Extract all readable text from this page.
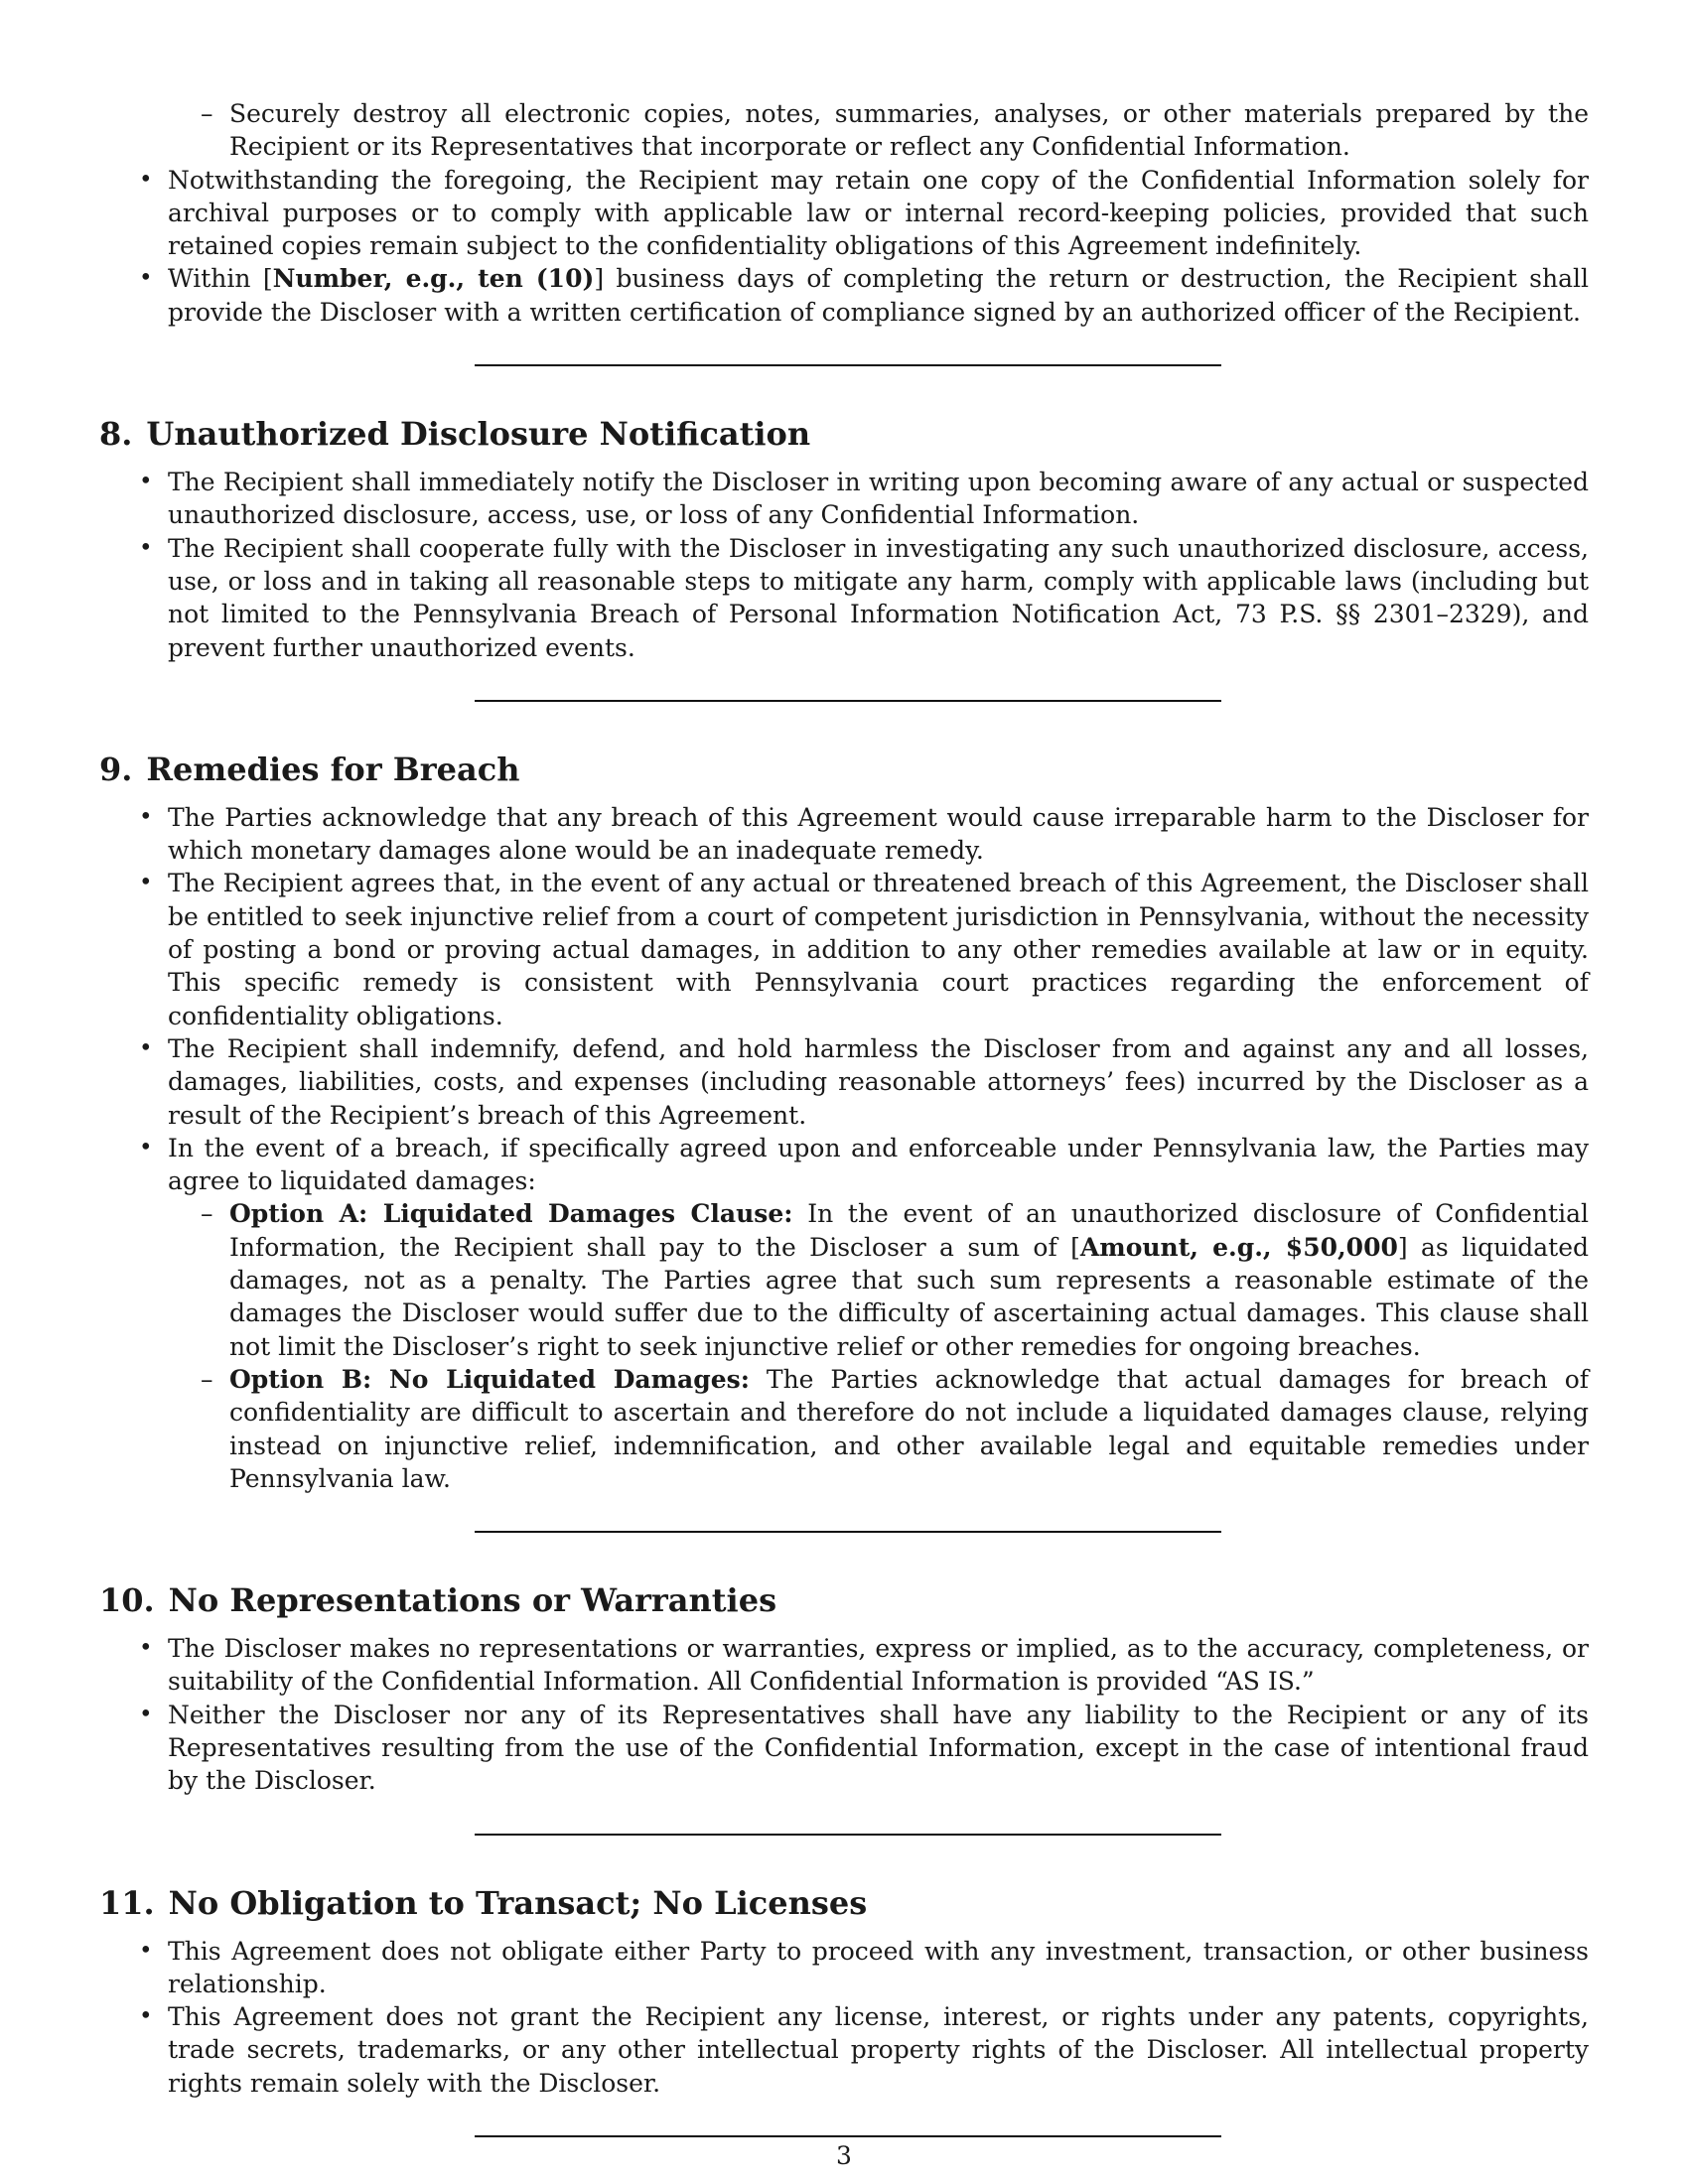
– Securely destroy all electronic copies, notes, summaries, analyses, or other materials prepared by the Recipient or its Representatives that incorporate or reflect any Confidential Information.
• Notwithstanding the foregoing, the Recipient may retain one copy of the Confidential Information solely for archival purposes or to comply with applicable law or internal record-keeping policies, provided that such retained copies remain subject to the confidentiality obligations of this Agreement indefinitely.
• Within [Number, e.g., ten (10)] business days of completing the return or destruction, the Recipient shall provide the Discloser with a written certification of compliance signed by an authorized officer of the Recipient.
8. Unauthorized Disclosure Notification
• The Recipient shall immediately notify the Discloser in writing upon becoming aware of any actual or suspected unauthorized disclosure, access, use, or loss of any Confidential Information.
• The Recipient shall cooperate fully with the Discloser in investigating any such unauthorized disclosure, access, use, or loss and in taking all reasonable steps to mitigate any harm, comply with applicable laws (including but not limited to the Pennsylvania Breach of Personal Information Notification Act, 73 P.S. §§ 2301–2329), and prevent further unauthorized events.
9. Remedies for Breach
• The Parties acknowledge that any breach of this Agreement would cause irreparable harm to the Discloser for which monetary damages alone would be an inadequate remedy.
• The Recipient agrees that, in the event of any actual or threatened breach of this Agreement, the Discloser shall be entitled to seek injunctive relief from a court of competent jurisdiction in Pennsylvania, without the necessity of posting a bond or proving actual damages, in addition to any other remedies available at law or in equity. This specific remedy is consistent with Pennsylvania court practices regarding the enforcement of confidentiality obligations.
• The Recipient shall indemnify, defend, and hold harmless the Discloser from and against any and all losses, damages, liabilities, costs, and expenses (including reasonable attorneys’ fees) incurred by the Discloser as a result of the Recipient’s breach of this Agreement.
• In the event of a breach, if specifically agreed upon and enforceable under Pennsylvania law, the Parties may agree to liquidated damages:
– Option A: Liquidated Damages Clause: In the event of an unauthorized disclosure of Confidential Information, the Recipient shall pay to the Discloser a sum of [Amount, e.g., $50,000] as liquidated damages, not as a penalty. The Parties agree that such sum represents a reasonable estimate of the damages the Discloser would suffer due to the difficulty of ascertaining actual damages. This clause shall not limit the Discloser’s right to seek injunctive relief or other remedies for ongoing breaches.
– Option B: No Liquidated Damages: The Parties acknowledge that actual damages for breach of confidentiality are difficult to ascertain and therefore do not include a liquidated damages clause, relying instead on injunctive relief, indemnification, and other available legal and equitable remedies under Pennsylvania law.
10. No Representations or Warranties
• The Discloser makes no representations or warranties, express or implied, as to the accuracy, completeness, or suitability of the Confidential Information. All Confidential Information is provided “AS IS.”
• Neither the Discloser nor any of its Representatives shall have any liability to the Recipient or any of its Representatives resulting from the use of the Confidential Information, except in the case of intentional fraud by the Discloser.
11. No Obligation to Transact; No Licenses
• This Agreement does not obligate either Party to proceed with any investment, transaction, or other business relationship.
• This Agreement does not grant the Recipient any license, interest, or rights under any patents, copyrights, trade secrets, trademarks, or any other intellectual property rights of the Discloser. All intellectual property rights remain solely with the Discloser.
3
